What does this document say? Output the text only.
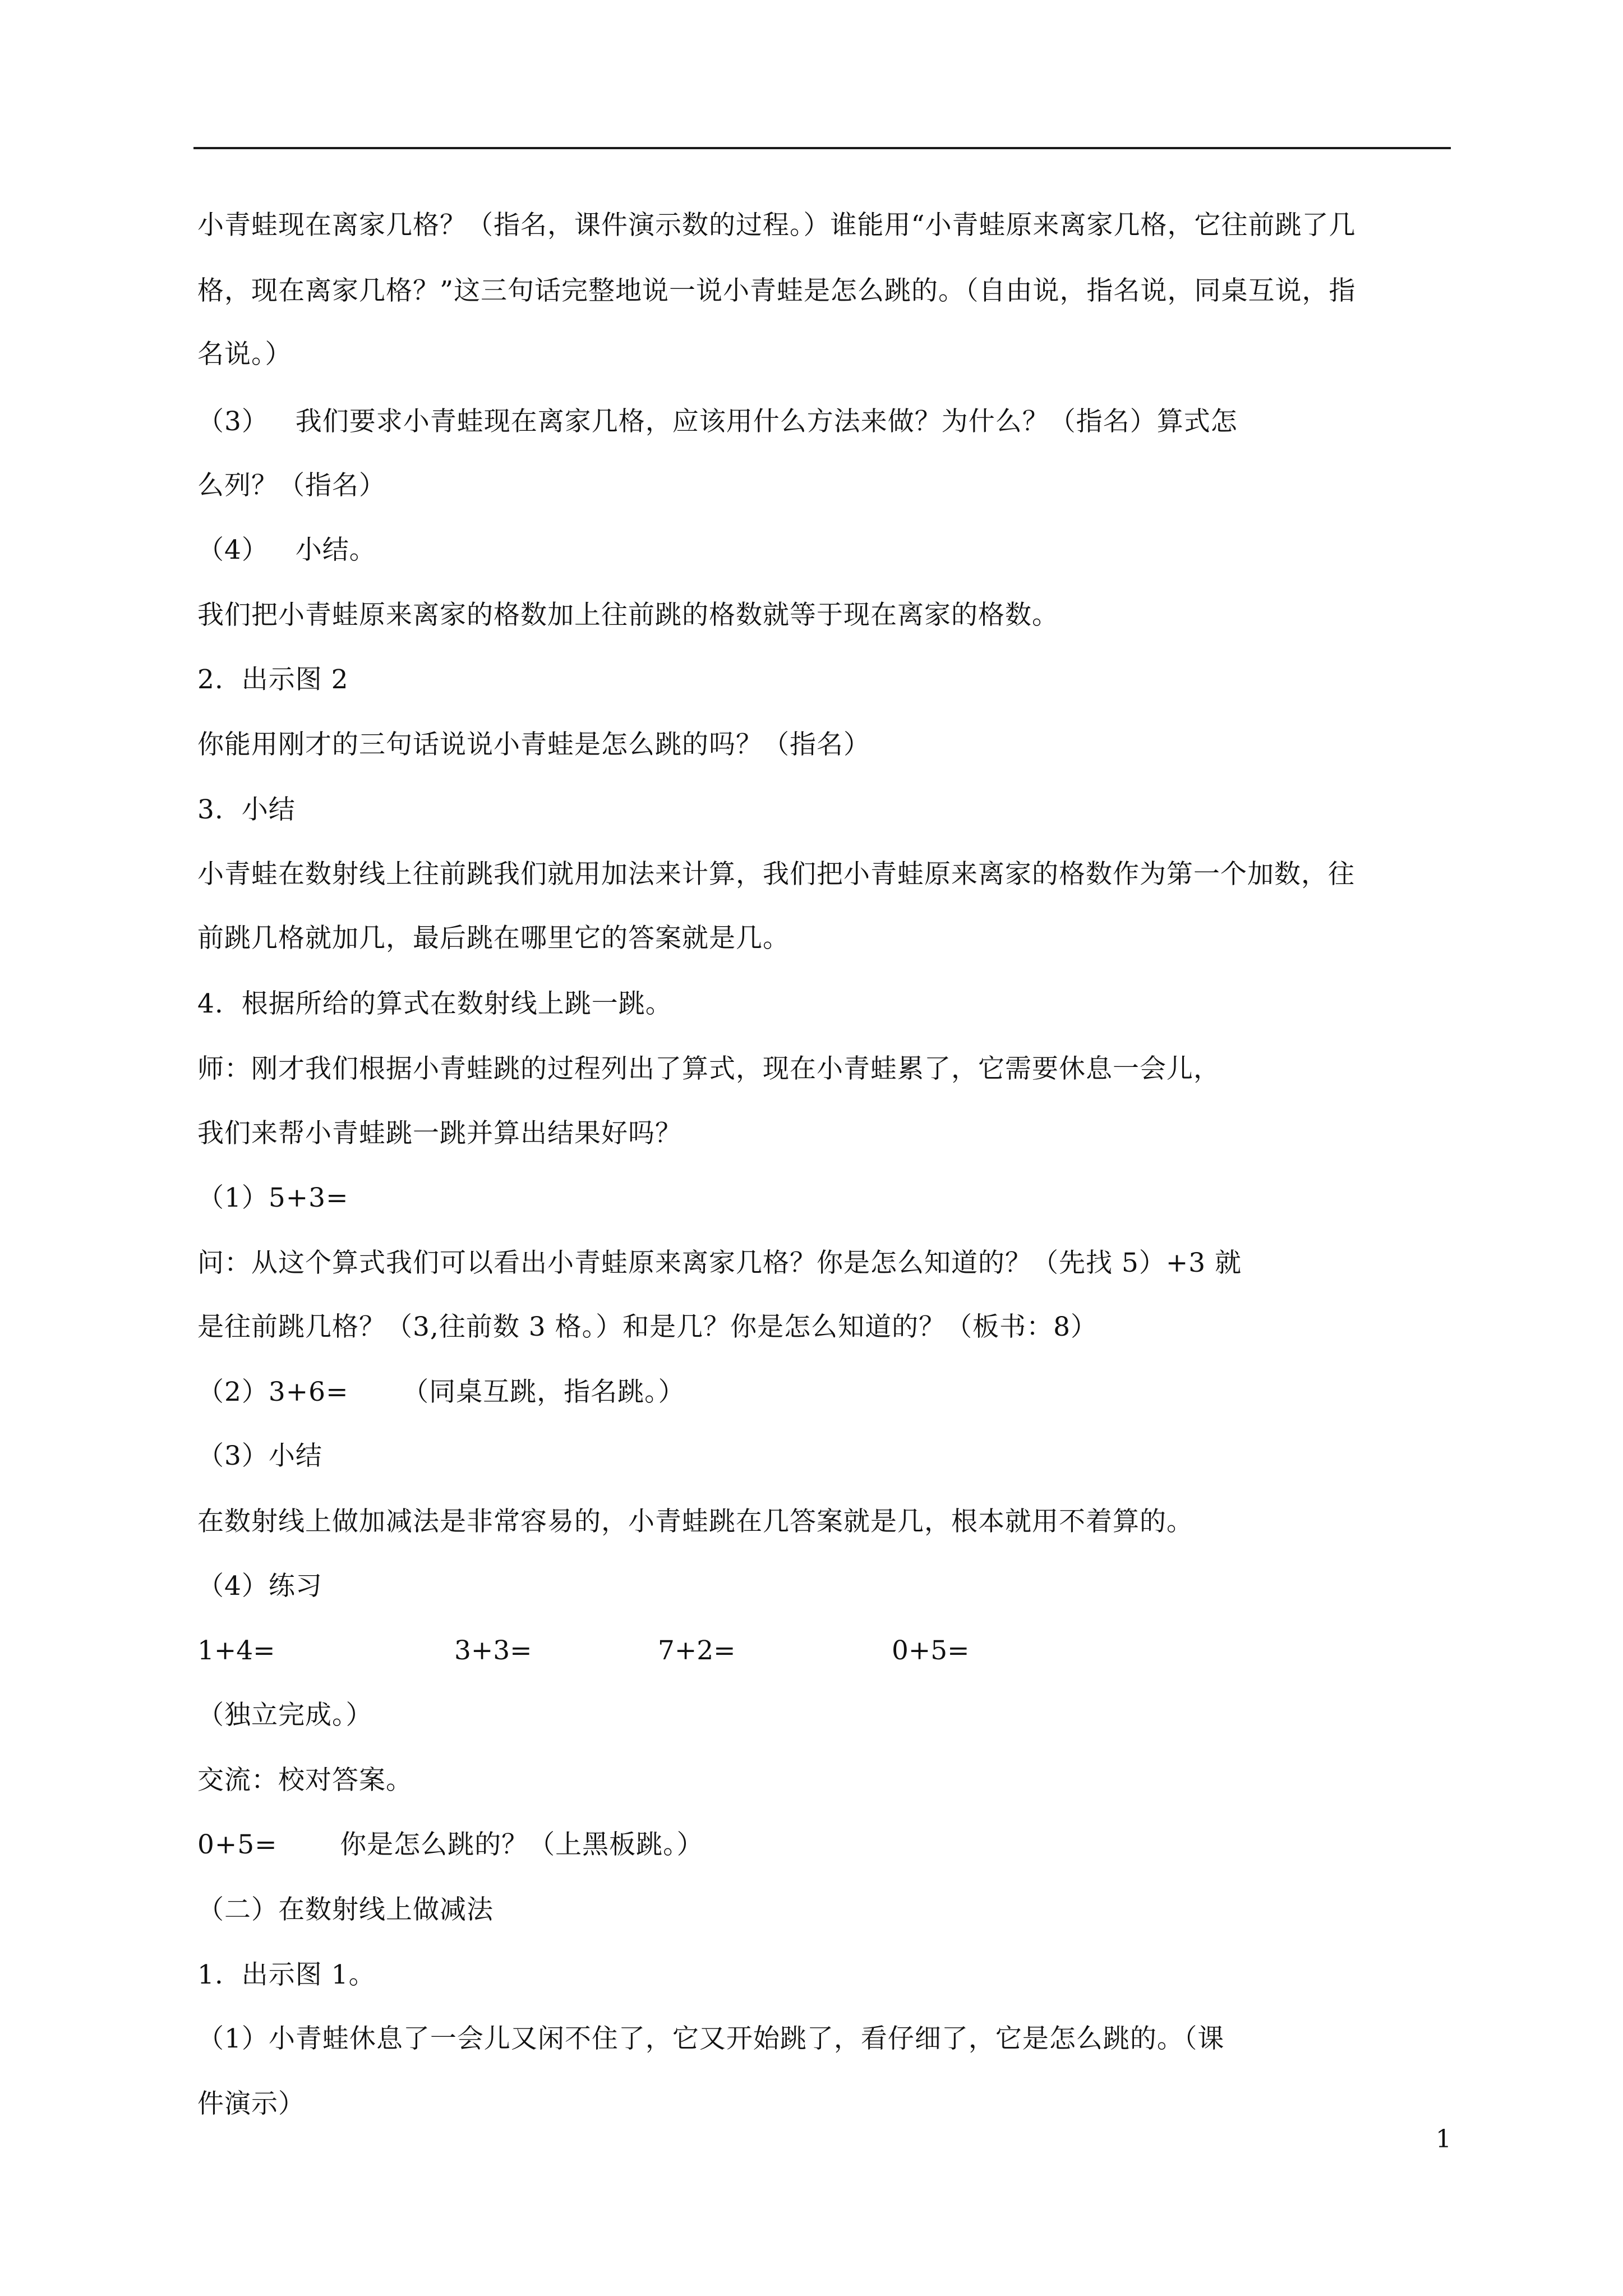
小青蛙现在离家几格？（指名，课件演示数的过程。）谁能用“小青蛙原来离家几格，它往前跳了几
格，现在离家几格？”这三句话完整地说一说小青蛙是怎么跳的。（自由说，指名说，同桌互说，指
名说。）
（3）   我们要求小青蛙现在离家几格，应该用什么方法来做？为什么？（指名）算式怎
么列？（指名）
（4）   小结。
我们把小青蛙原来离家的格数加上往前跳的格数就等于现在离家的格数。
2.  出示图 2
你能用刚才的三句话说说小青蛙是怎么跳的吗？（指名）
3.  小结
小青蛙在数射线上往前跳我们就用加法来计算，我们把小青蛙原来离家的格数作为第一个加数，往
前跳几格就加几，最后跳在哪里它的答案就是几。
4.  根据所给的算式在数射线上跳一跳。
师：刚才我们根据小青蛙跳的过程列出了算式，现在小青蛙累了，它需要休息一会儿，
我们来帮小青蛙跳一跳并算出结果好吗？
（1）5+3=
问：从这个算式我们可以看出小青蛙原来离家几格？你是怎么知道的？（先找 5）+3 就
是往前跳几格？（3,往前数 3 格。）和是几？你是怎么知道的？（板书：8）
（2）3+6=      （同桌互跳，指名跳。）
（3）小结
在数射线上做加减法是非常容易的，小青蛙跳在几答案就是几，根本就用不着算的。
（4）练习

1+4=

	3+3=

	7+2=

	0+5=

（独立完成。）
交流：校对答案。
0+5=       你是怎么跳的？（上黑板跳。）
（二）在数射线上做减法
1.  出示图 1。
（1）小青蛙休息了一会儿又闲不住了，它又开始跳了，看仔细了，它是怎么跳的。（课
件演示）
1
